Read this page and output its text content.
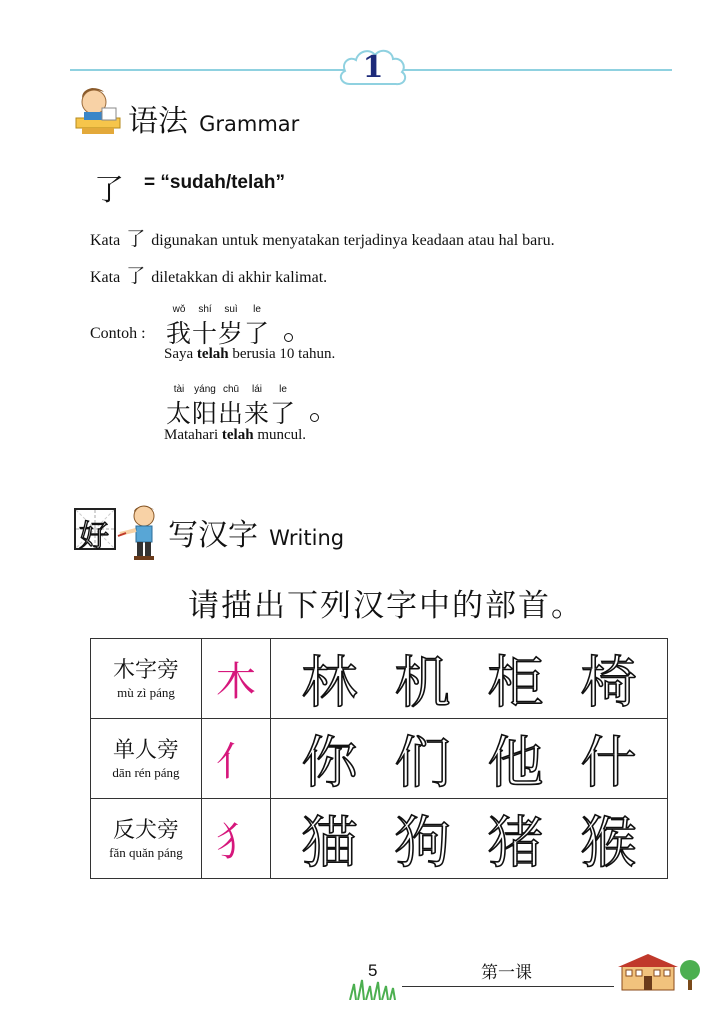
1
语法 Grammar
了 = “sudah/telah”
Kata 了 digunakan untuk menyatakan terjadinya keadaan atau hal baru.
Kata 了 diletakkan di akhir kalimat.
Contoh :
wǒ	shí	suì	le
我 十 岁 了
Saya telah berusia 10 tahun.
tài yáng chū	lái	le
太 阳 出 来 了
Matahari telah muncul.
好 写汉字 Writing
请描出下列汉字中的部首。
木字旁
mù zì páng	木	林 机 柜 椅

单人旁
dān rén páng	亻	你 们 他 什

反犬旁
fǎn quǎn páng	犭	猫 狗 猪 猴
5	第一课
